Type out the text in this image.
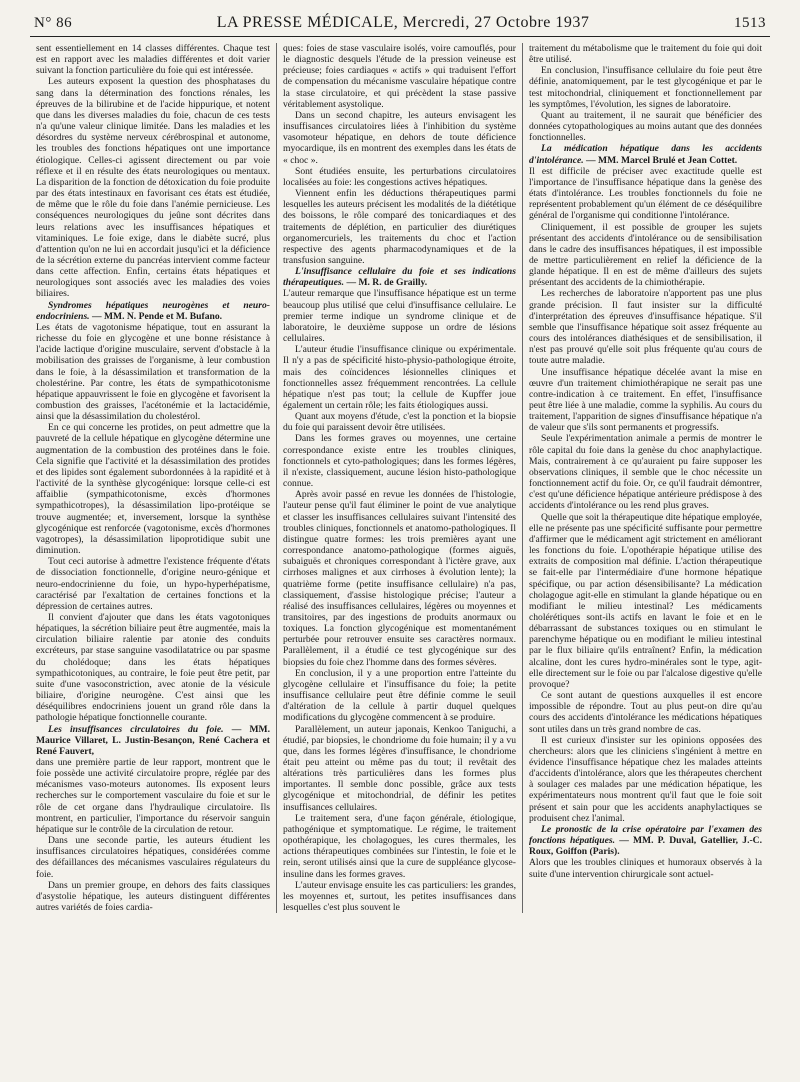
N° 86	LA PRESSE MÉDICALE, Mercredi, 27 Octobre 1937	1513

sent essentiellement en 14 classes différentes. Chaque test est en rapport avec les maladies différentes et doit varier suivant la fonction particulière du foie qui est intéressée.

Les auteurs exposent la question des phosphatases du sang dans la détermination des fonctions rénales, les épreuves de la bilirubine et de l'acide hippurique, et notent que dans les diverses maladies du foie, chacun de ces tests n'a qu'une valeur clinique limitée. Dans les maladies et les désordres du système nerveux cérébrospinal et autonome, les troubles des fonctions hépatiques ont une importance étiologique. Celles-ci agissent directement ou par voie réflexe et il en résulte des états neurologiques ou mentaux. La disparition de la fonction de détoxication du foie produite par des états intestinaux en favorisant ces états est étudiée, de même que le rôle du foie dans l'anémie pernicieuse. Les conséquences neurologiques du jeûne sont décrites dans leurs relations avec les insuffisances hépatiques et vitaminiques. Le foie exige, dans le diabète sucré, plus d'attention qu'on ne lui en accordait jusqu'ici et la déficience de la sécrétion externe du pancréas intervient comme facteur dans cette affection. Enfin, certains états hépatiques et neurologiques sont associés avec les maladies des voies biliaires.

Syndromes hépatiques neurogènes et neuro-endocriniens. — MM. N. Pende et M. Bufano.

Les états de vagotonisme hépatique, tout en assurant la richesse du foie en glycogène et une bonne résistance à l'acide lactique d'origine musculaire, servent d'obstacle à la mobilisation des graisses de l'organisme, à leur combustion dans le foie, à la désassimilation et transformation de la cholestérine. Par contre, les états de sympathicotonisme hépatique appauvrissent le foie en glycogène et favorisent la combustion des graisses, l'acétonémie et la lactacidémie, ainsi que la désassimilation du cholestérol.

En ce qui concerne les protides, on peut admettre que la pauvreté de la cellule hépatique en glycogène détermine une augmentation de la combustion des protéines dans le foie. Cela signifie que l'activité et la désassimilation des protides et des lipides sont également subordonnées à la rapidité et à l'activité de la synthèse glycogénique: lorsque celle-ci est affaiblie (sympathicotonisme, excès d'hormones sympathicotropes), la désassimilation lipo-protéique se trouve augmentée; et, inversement, lorsque la synthèse glycogénique est renforcée (vagotonisme, excès d'hormones vagotropes), la désassimilation lipoprotidique subit une diminution.

Tout ceci autorise à admettre l'existence fréquente d'états de dissociation fonctionnelle, d'origine neuro-génique et neuro-endocrinienne du foie, un hypo-hyperhépatisme, caractérisé par l'exaltation de certaines fonctions et la dépression de certaines autres.

Il convient d'ajouter que dans les états vagotoniques hépatiques, la sécrétion biliaire peut être augmentée, mais la circulation biliaire ralentie par atonie des conduits excréteurs, par stase sanguine vasodilatatrice ou par spasme du cholédoque; dans les états hépatiques sympathicotoniques, au contraire, le foie peut être petit, par suite d'une vasoconstriction, avec atonie de la vésicule biliaire, d'origine neurogène. C'est ainsi que les déséquilibres endocriniens jouent un grand rôle dans la pathologie hépatique fonctionnelle courante.

Les insuffisances circulatoires du foie. — MM. Maurice Villaret, L. Justin-Besançon, René Cachera et René Fauvert,

dans une première partie de leur rapport, montrent que le foie possède une activité circulatoire propre, réglée par des mécanismes vaso-moteurs autonomes. Ils exposent leurs recherches sur le comportement vasculaire du foie et sur le rôle de cet organe dans l'hydraulique circulatoire. Ils montrent, en particulier, l'importance du réservoir sanguin hépatique sur le contrôle de la circulation de retour.

Dans une seconde partie, les auteurs étudient les insuffisances circulatoires hépatiques, considérées comme des défaillances des mécanismes vasculaires régulateurs du foie.

Dans un premier groupe, en dehors des faits classiques d'asystolie hépatique, les auteurs distinguent différentes autres variétés de foies cardia-

ques: foies de stase vasculaire isolés, voire camouflés, pour le diagnostic desquels l'étude de la pression veineuse est précieuse; foies cardiaques « actifs » qui traduisent l'effort de compensation du mécanisme vasculaire hépatique contre la stase circulatoire, et qui précèdent la stase passive véritablement asystolique.

Dans un second chapitre, les auteurs envisagent les insuffisances circulatoires liées à l'inhibition du système vasomoteur hépatique, en dehors de toute déficience myocardique, ils en montrent des exemples dans les états de « choc ».

Sont étudiées ensuite, les perturbations circulatoires localisées au foie: les congestions actives hépatiques.

Viennent enfin les déductions thérapeutiques parmi lesquelles les auteurs précisent les modalités de la diététique des boissons, le rôle comparé des tonicardiaques et des traitements de déplétion, en particulier des diurétiques organomercuriels, les traitements du choc et l'action respective des agents pharmacodynamiques et de la transfusion sanguine.

L'insuffisance cellulaire du foie et ses indications thérapeutiques. — M. R. de Grailly.

L'auteur remarque que l'insuffisance hépatique est un terme beaucoup plus utilisé que celui d'insuffisance cellulaire. Le premier terme indique un syndrome clinique et de laboratoire, le deuxième suppose un ordre de lésions cellulaires.

L'auteur étudie l'insuffisance clinique ou expérimentale. Il n'y a pas de spécificité histo-physio-pathologique étroite, mais des coïncidences lésionnelles cliniques et fonctionnelles assez fréquemment rencontrées. La cellule hépatique n'est pas tout; la cellule de Kupffer joue également un certain rôle; les faits étiologiques aussi.

Quant aux moyens d'étude, c'est la ponction et la biopsie du foie qui paraissent devoir être utilisées.

Dans les formes graves ou moyennes, une certaine correspondance existe entre les troubles cliniques, fonctionnels et cyto-pathologiques; dans les formes légères, il n'existe, classiquement, aucune lésion histo-pathologique connue.

Après avoir passé en revue les données de l'histologie, l'auteur pense qu'il faut éliminer le point de vue analytique et classer les insuffisances cellulaires suivant l'intensité des troubles cliniques, fonctionnels et anatomo-pathologiques. Il distingue quatre formes: les trois premières ayant une correspondance anatomo-pathologique (formes aiguës, subaiguës et chroniques correspondant à l'ictère grave, aux cirrhoses malignes et aux cirrhoses à évolution lente); la quatrième forme (petite insuffisance cellulaire) n'a pas, classiquement, d'assise histologique précise; l'auteur a réalisé des insuffisances cellulaires, légères ou moyennes et transitoires, par des ingestions de produits anormaux ou toxiques. La fonction glycogénique est momentanément perturbée pour retrouver ensuite ses caractères normaux. Parallèlement, il a étudié ce test glycogénique sur des biopsies du foie chez l'homme dans des formes sévères.

En conclusion, il y a une proportion entre l'atteinte du glycogène cellulaire et l'insuffisance du foie; la petite insuffisance cellulaire peut être définie comme le seuil d'altération de la cellule à partir duquel quelques modifications du glycogène commencent à se produire.

Parallèlement, un auteur japonais, Kenkoo Taniguchi, a étudié, par biopsies, le chondriome du foie humain; il y a vu que, dans les formes légères d'insuffisance, le chondriome était peu atteint ou même pas du tout; il revêtait des altérations très particulières dans les formes plus importantes. Il semble donc possible, grâce aux tests glycogénique et mitochondrial, de définir les petites insuffisances cellulaires.

Le traitement sera, d'une façon générale, étiologique, pathogénique et symptomatique. Le régime, le traitement opothérapique, les cholagogues, les cures thermales, les actions thérapeutiques combinées sur l'intestin, le foie et le rein, seront utilisés ainsi que la cure de suppléance glycose-insuline dans les formes graves.

L'auteur envisage ensuite les cas particuliers: les grandes, les moyennes et, surtout, les petites insuffisances dans lesquelles c'est plus souvent le

traitement du métabolisme que le traitement du foie qui doit être utilisé.

En conclusion, l'insuffisance cellulaire du foie peut être définie, anatomiquement, par le test glycogénique et par le test mitochondrial, cliniquement et fonctionnellement par les symptômes, l'évolution, les signes de laboratoire.

Quant au traitement, il ne saurait que bénéficier des données cytopathologiques au moins autant que des données fonctionnelles.

La médication hépatique dans les accidents d'intolérance. — MM. Marcel Brulé et Jean Cottet.

Il est difficile de préciser avec exactitude quelle est l'importance de l'insuffisance hépatique dans la genèse des états d'intolérance. Les troubles fonctionnels du foie ne représentent probablement qu'un élément de ce déséquilibre général de l'organisme qui conditionne l'intolérance.

Cliniquement, il est possible de grouper les sujets présentant des accidents d'intolérance ou de sensibilisation dans le cadre des insuffisances hépatiques, il est impossible de mettre particulièrement en relief la déficience de la glande hépatique. Il en est de même d'ailleurs des sujets présentant des accidents de la chimiothérapie.

Les recherches de laboratoire n'apportent pas une plus grande précision. Il faut insister sur la difficulté d'interprétation des épreuves d'insuffisance hépatique. S'il semble que l'insuffisance hépatique soit assez fréquente au cours des intolérances diathésiques et de sensibilisation, il n'est pas prouvé qu'elle soit plus fréquente qu'au cours de toute autre maladie.

Une insuffisance hépatique décelée avant la mise en œuvre d'un traitement chimiothérapique ne serait pas une contre-indication à ce traitement. En effet, l'insuffisance peut être liée à une maladie, comme la syphilis. Au cours du traitement, l'apparition de signes d'insuffisance hépatique n'a de valeur que s'ils sont permanents et progressifs.

Seule l'expérimentation animale a permis de montrer le rôle capital du foie dans la genèse du choc anaphylactique. Mais, contrairement à ce qu'auraient pu faire supposer les observations cliniques, il semble que le choc nécessite un fonctionnement actif du foie. Or, ce qu'il faudrait démontrer, c'est qu'une déficience hépatique antérieure prédispose à des accidents d'intolérance ou les rend plus graves.

Quelle que soit la thérapeutique dite hépatique employée, elle ne présente pas une spécificité suffisante pour permettre d'affirmer que le médicament agit strictement en améliorant les fonctions du foie. L'opothérapie hépatique utilise des extraits de composition mal définie. L'action thérapeutique se fait-elle par l'intermédiaire d'une hormone hépatique spécifique, ou par action désensibilisante? La médication cholagogue agit-elle en stimulant la glande hépatique ou en modifiant le milieu intestinal? Les médicaments cholérétiques sont-ils actifs en lavant le foie et en le débarrassant de substances toxiques ou en stimulant le parenchyme hépatique ou en modifiant le milieu intestinal par le flux biliaire qu'ils entraînent? Enfin, la médication alcaline, dont les cures hydro-minérales sont le type, agit-elle directement sur le foie ou par l'alcalose digestive qu'elle provoque?

Ce sont autant de questions auxquelles il est encore impossible de répondre. Tout au plus peut-on dire qu'au cours des accidents d'intolérance les médications hépatiques sont utiles dans un très grand nombre de cas.

Il est curieux d'insister sur les opinions opposées des chercheurs: alors que les cliniciens s'ingénient à mettre en évidence l'insuffisance hépatique chez les malades atteints d'accidents d'intolérance, alors que les thérapeutes cherchent à soulager ces malades par une médication hépatique, les expérimentateurs nous montrent qu'il faut que le foie soit présent et sain pour que les accidents anaphylactiques se produisent chez l'animal.

Le pronostic de la crise opératoire par l'examen des fonctions hépatiques. — MM. P. Duval, Gatellier, J.-C. Roux, Goiffon (Paris).

Alors que les troubles cliniques et humoraux observés à la suite d'une intervention chirurgicale sont actuel-
